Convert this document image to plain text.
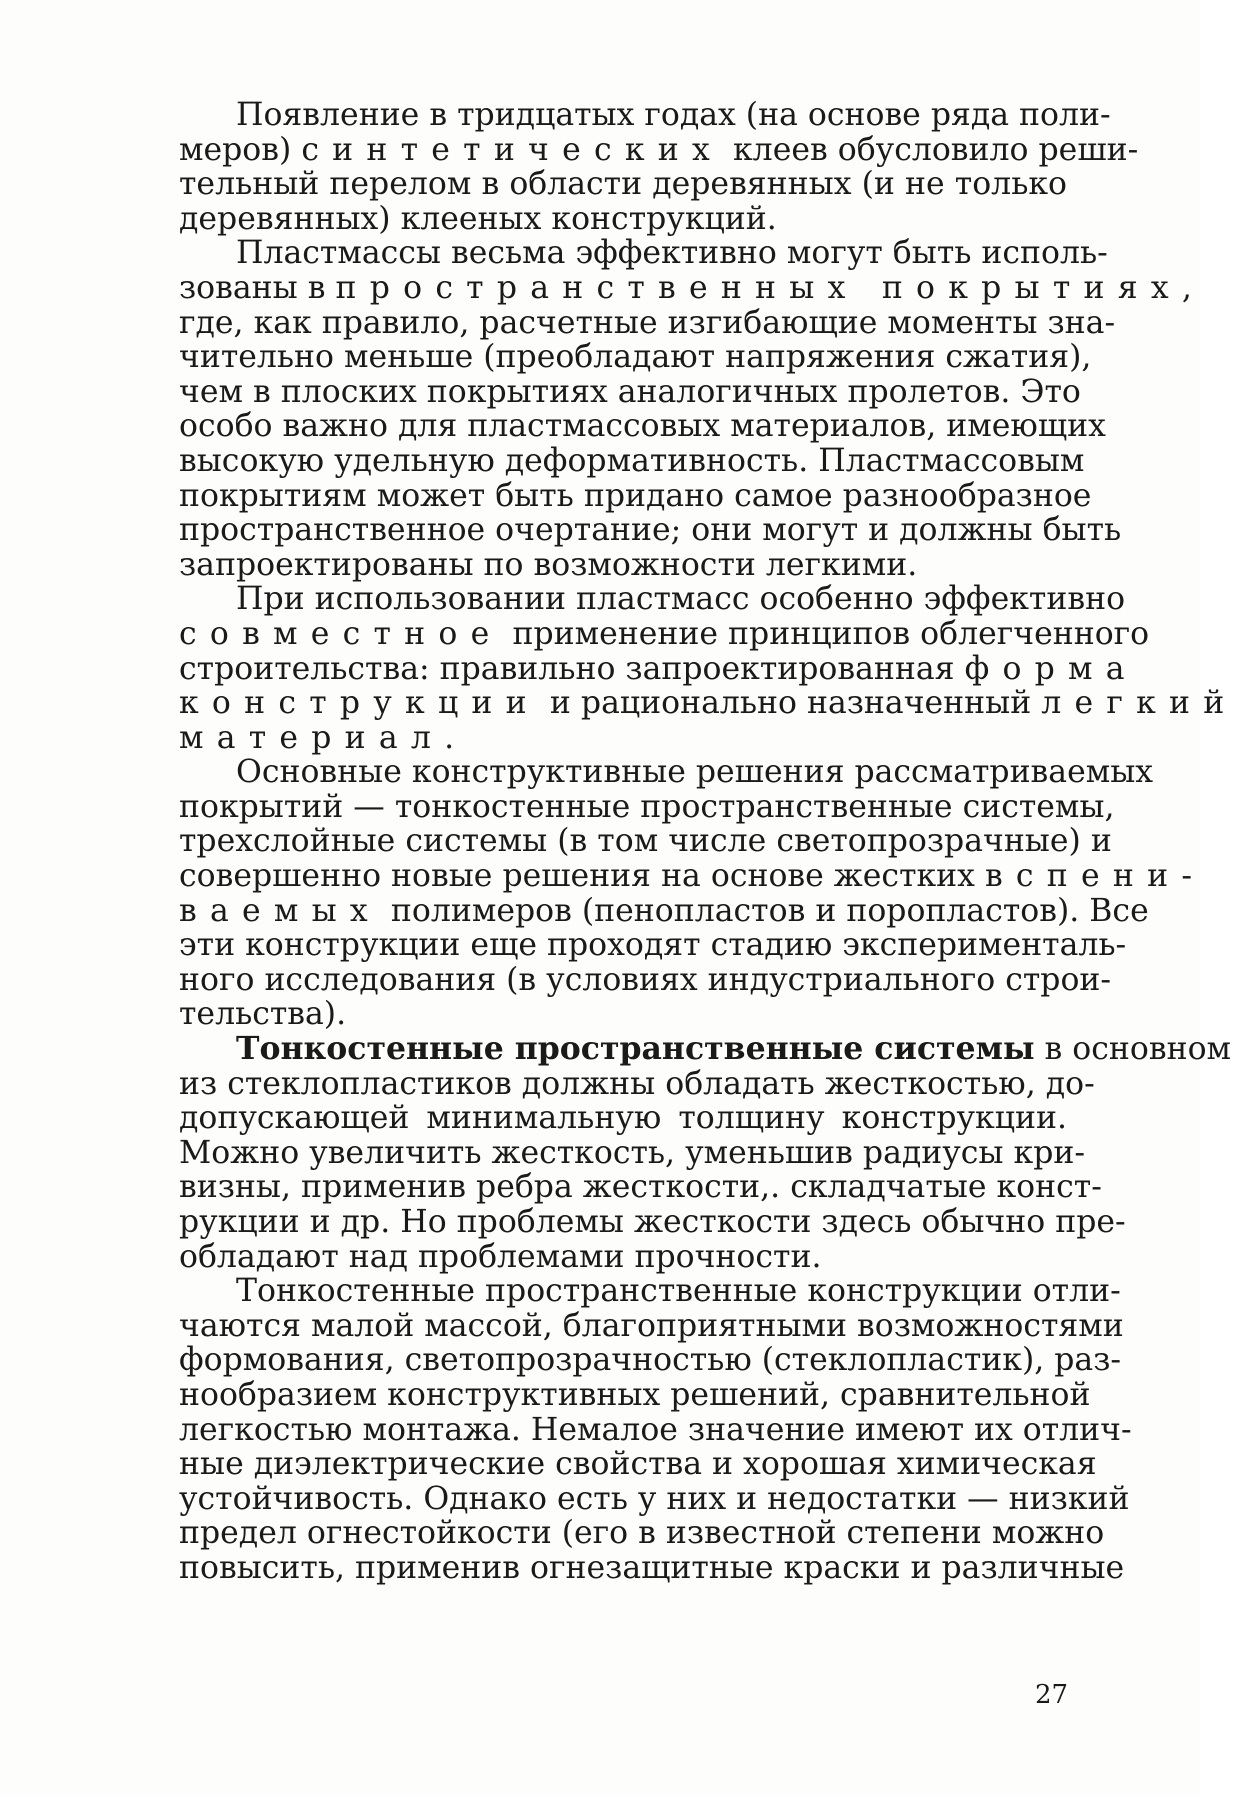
Появление в тридцатых годах (на основе ряда поли-
меров) синтетических клеев обусловило реши-
тельный перелом в области деревянных (и не только
деревянных) клееных конструкций.
Пластмассы весьма эффективно могут быть исполь-
зованы в пространственных покрытиях,
где, как правило, расчетные изгибающие моменты зна-
чительно меньше (преобладают напряжения сжатия),
чем в плоских покрытиях аналогичных пролетов. Это
особо важно для пластмассовых материалов, имеющих
высокую удельную деформативность. Пластмассовым
покрытиям может быть придано самое разнообразное
пространственное очертание; они могут и должны быть
запроектированы по возможности легкими.
При использовании пластмасс особенно эффективно
совместное применение принципов облегченного
строительства: правильно запроектированная форма
конструкции и рационально назначенный легкий
материал.
Основные конструктивные решения рассматриваемых
покрытий — тонкостенные пространственные системы,
трехслойные системы (в том числе светопрозрачные) и
совершенно новые решения на основе жестких вспени-
ваемых полимеров (пенопластов и поропластов). Все
эти конструкции еще проходят стадию эксперименталь-
ного исследования (в условиях индустриального строи-
тельства).
Тонкостенные пространственные системы в основном
из стеклопластиков должны обладать жесткостью, до-
допускающей минимальную толщину конструкции.
Можно увеличить жесткость, уменьшив радиусы кри-
визны, применив ребра жесткости,. складчатые конст-
рукции и др. Но проблемы жесткости здесь обычно пре-
обладают над проблемами прочности.
Тонкостенные пространственные конструкции отли-
чаются малой массой, благоприятными возможностями
формования, светопрозрачностью (стеклопластик), раз-
нообразием конструктивных решений, сравнительной
легкостью монтажа. Немалое значение имеют их отлич-
ные диэлектрические свойства и хорошая химическая
устойчивость. Однако есть у них и недостатки — низкий
предел огнестойкости (его в известной степени можно
повысить, применив огнезащитные краски и различные
27
